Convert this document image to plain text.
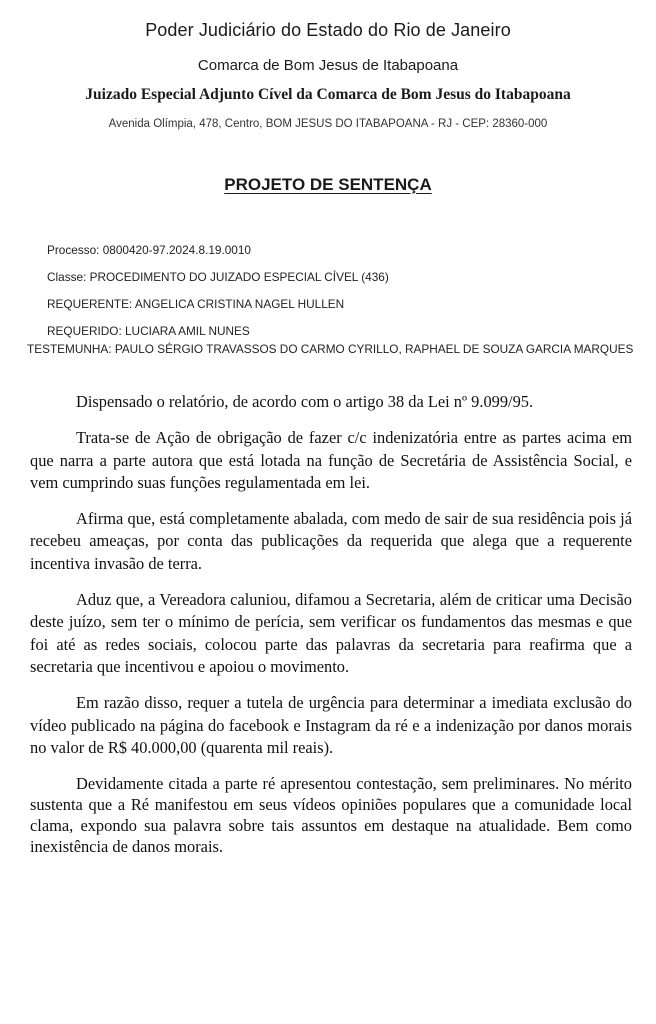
Poder Judiciário do Estado do Rio de Janeiro
Comarca de Bom Jesus de Itabapoana
Juizado Especial Adjunto Cível da Comarca de Bom Jesus do Itabapoana
Avenida Olímpia, 478, Centro, BOM JESUS DO ITABAPOANA - RJ - CEP: 28360-000
PROJETO DE SENTENÇA
Processo: 0800420-97.2024.8.19.0010
Classe: PROCEDIMENTO DO JUIZADO ESPECIAL CÍVEL (436)
REQUERENTE: ANGELICA CRISTINA NAGEL HULLEN
REQUERIDO: LUCIARA AMIL NUNES
TESTEMUNHA: PAULO SÉRGIO TRAVASSOS DO CARMO CYRILLO, RAPHAEL DE SOUZA GARCIA MARQUES

Dispensado o relatório, de acordo com o artigo 38 da Lei nº 9.099/95.

Trata-se de Ação de obrigação de fazer c/c indenizatória entre as partes acima em que narra a parte autora que está lotada na função de Secretária de Assistência Social, e vem cumprindo suas funções regulamentada em lei.

Afirma que, está completamente abalada, com medo de sair de sua residência pois já recebeu ameaças, por conta das publicações da requerida que alega que a requerente incentiva invasão de terra.

Aduz que, a Vereadora caluniou, difamou a Secretaria, além de criticar uma Decisão deste juízo, sem ter o mínimo de perícia, sem verificar os fundamentos das mesmas e que foi até as redes sociais, colocou parte das palavras da secretaria para reafirma que a secretaria que incentivou e apoiou o movimento.

Em razão disso, requer a tutela de urgência para determinar a imediata exclusão do vídeo publicado na página do facebook e Instagram da ré e a indenização por danos morais no valor de R$ 40.000,00 (quarenta mil reais).

Devidamente citada a parte ré apresentou contestação, sem preliminares. No mérito sustenta que a Ré manifestou em seus vídeos opiniões populares que a comunidade local clama, expondo sua palavra sobre tais assuntos em destaque na atualidade. Bem como inexistência de danos morais.
